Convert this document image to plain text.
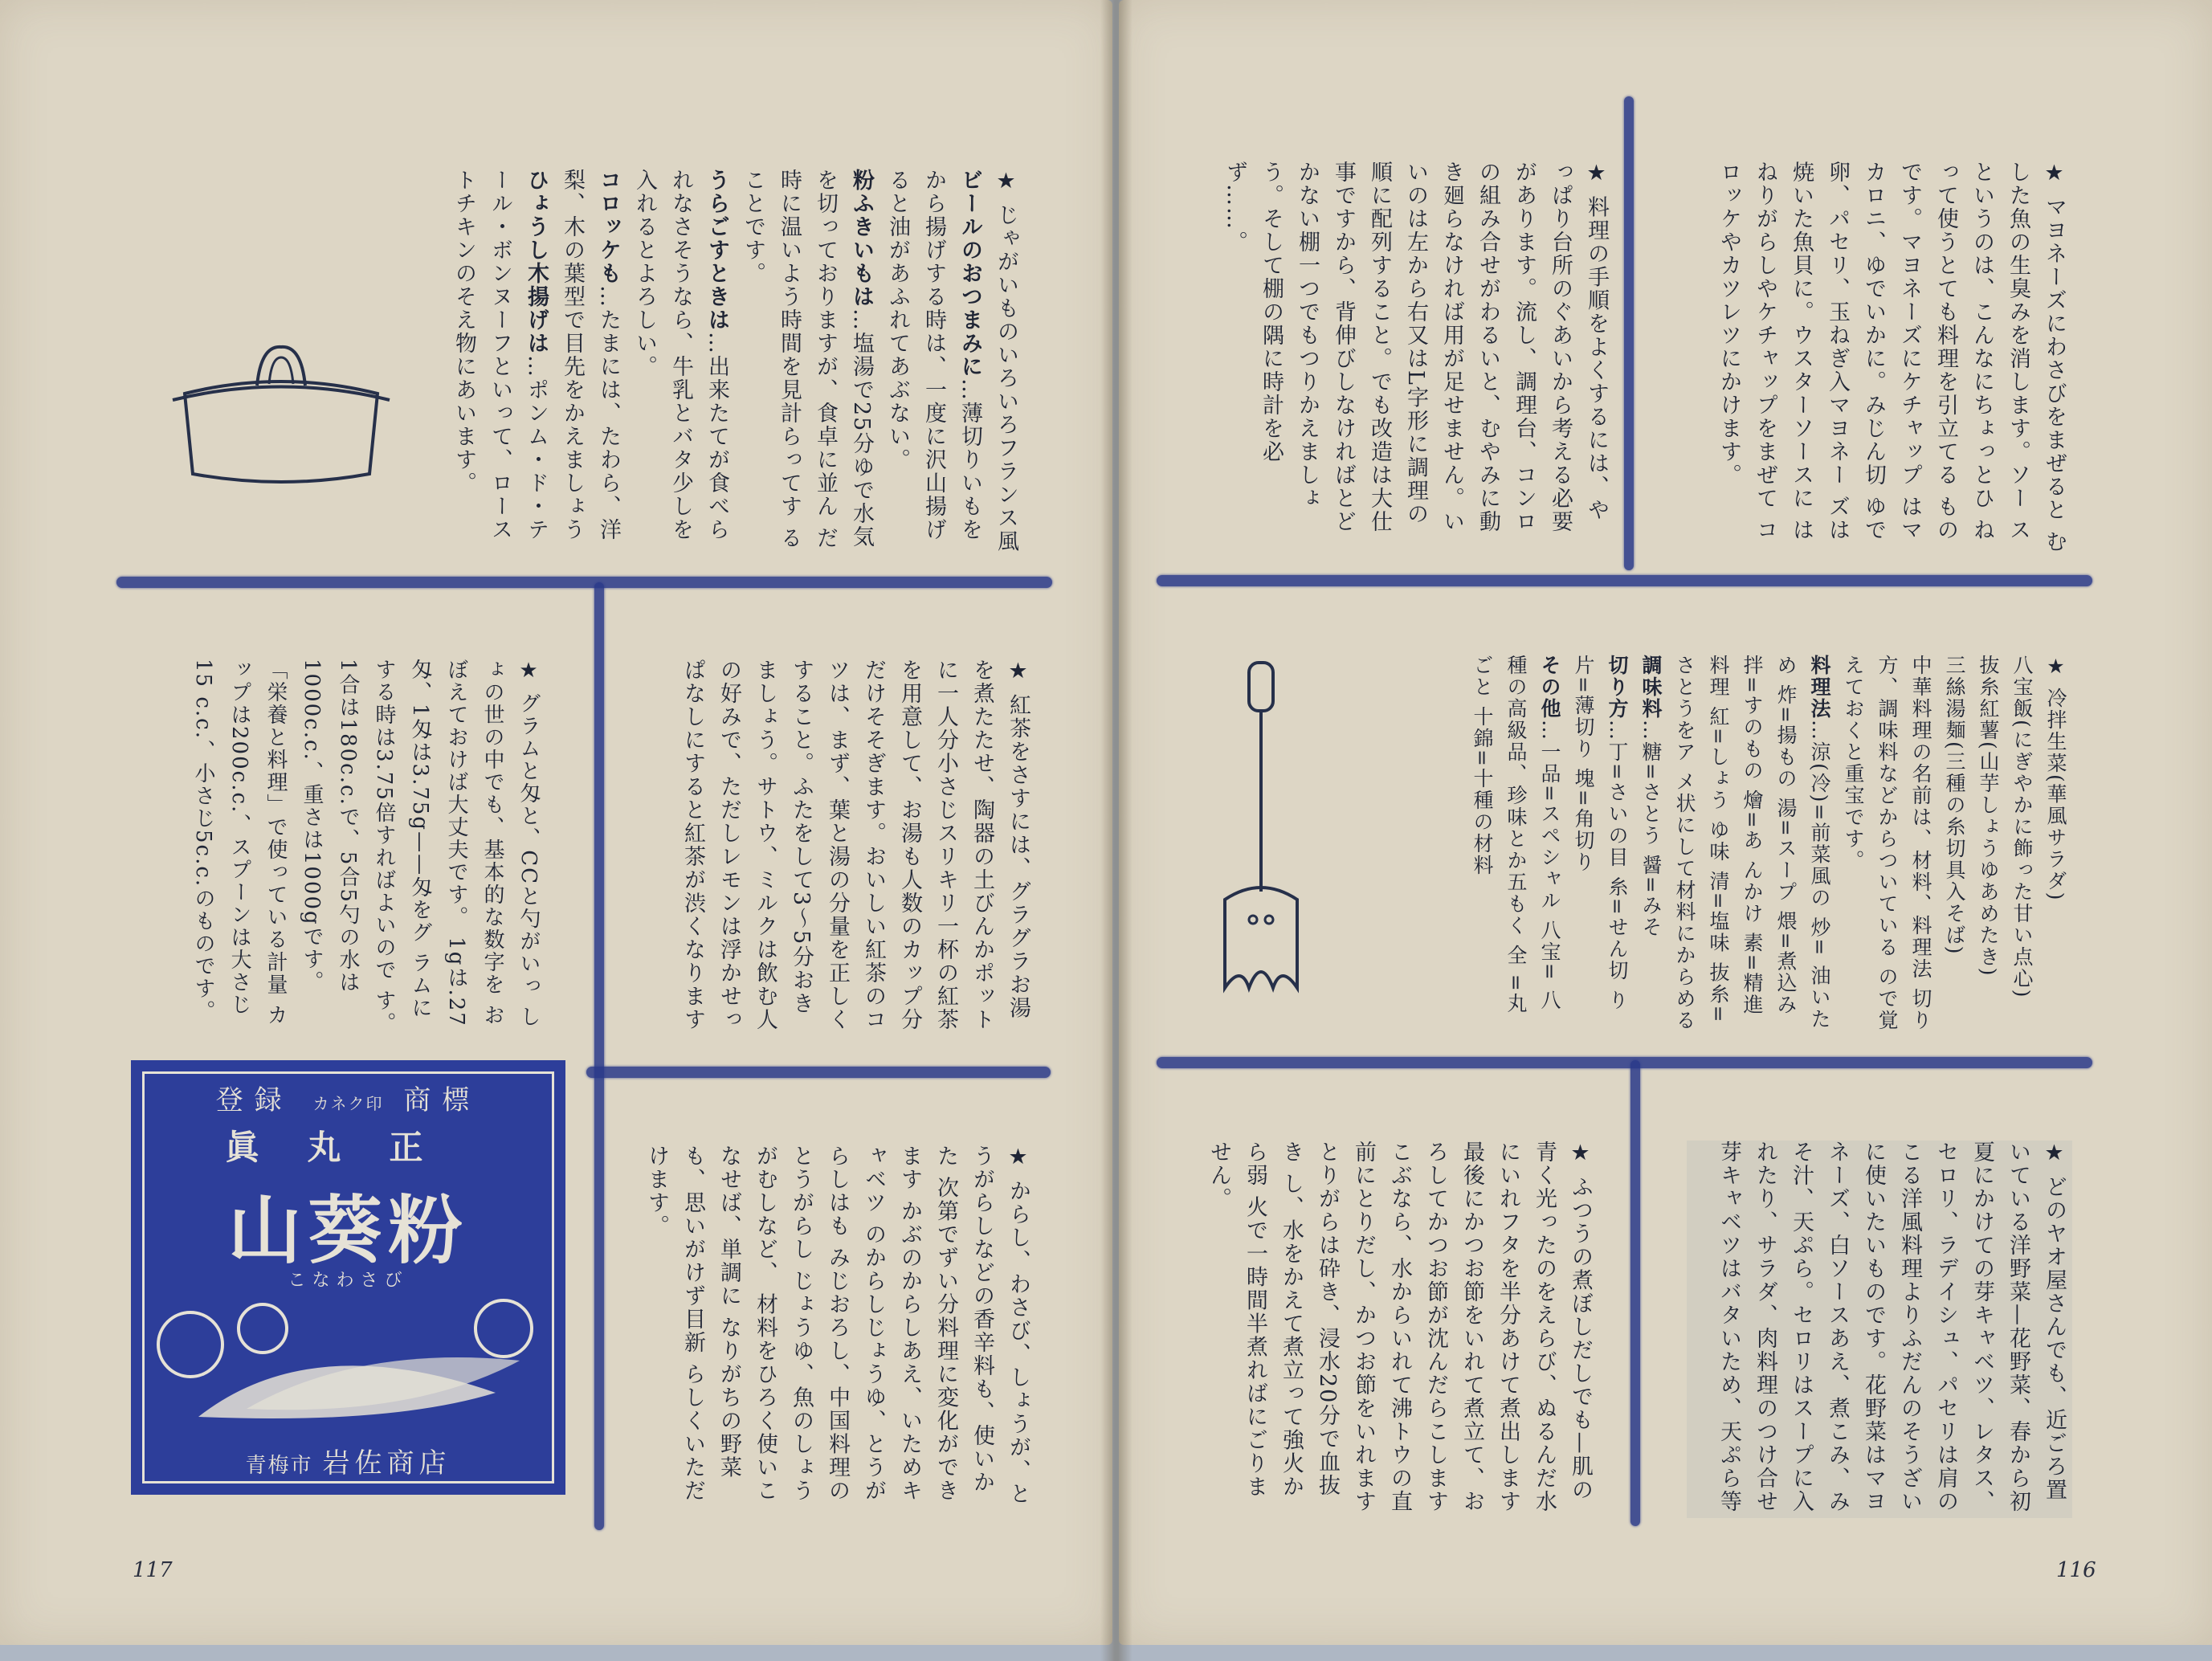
★ じゃがいものいろいろフランス風

ビールのおつまみに…薄切りいもを から揚げする時は、一度に沢山揚げ ると油があふれてあぶない。

粉ふきいもは…塩湯で25分ゆで水気 を切っておりますが、食卓に並ん だ時に温いよう時間を見計らってす ることです。

うらごすときは…出来たてが食べら れなさそうなら、牛乳とバタ少しを 入れるとよろしい。

コロッケも…たまには、たわら、洋 梨、木の葉型で目先をかえましょう

ひょうし木揚げは…ポンム・ド・テ ール・ボンヌーフといって、ロース トチキンのそえ物にあいます。

★ 紅茶をさすには、グラグラお湯 を煮たたせ、陶器の土びんかポット に一人分小さじスリキリ一杯の紅茶 を用意して、お湯も人数のカップ分 だけそそぎます。おいしい紅茶のコ ツは、まず、葉と湯の分量を正しく すること。ふたをして3〜5分おき ましょう。サトウ、ミルクは飲む人 の好みで、ただしレモンは浮かせっ ぱなしにすると紅茶が渋くなります

★ グラムと匁と、CCと勺がいっ しょの世の中でも、基本的な数字を おぼえておけば大丈夫です。 1gは.27匁、1匁は3.75g——匁をグ ラムにする時は3.75倍すればよいので す。1合は180c.c.で、5合5勺の水は 1000c.c.、重さは1000gです。 「栄養と料理」で使っている計量 カップは200c.c.、スプーンは大さじ15 c.c.、小さじ5c.c.のものです。

★ からし、わさび、しょうが、と うがらしなどの香辛料も、使いかた 次第でずい分料理に変化ができます かぶのからしあえ、いためキャベツ のからしじょうゆ、とうがらしはも みじおろし、中国料理のとうがらし じょうゆ、魚のしょうがむしなど、 材料をひろく使いこなせば、単調に なりがちの野菜も、思いがけず目新 らしくいただけます。

登録 カネク印 商標
眞丸正
山葵粉
こなわさび
青梅市 岩佐商店
117

★ マヨネーズにわさびをまぜると むした魚の生臭みを消します。ソー スというのは、こんなにちょっとひ ねって使うとても料理を引立てる ものです。マヨネーズにケチャップ はマカロニ、ゆでいかに。みじん切 ゆで卵、パセリ、玉ねぎ入マヨネー ズは焼いた魚貝に。ウスターソースに はねりがらしやケチャップをまぜて コロッケやカツレツにかけます。

★ 料理の手順をよくするには、や っぱり台所のぐあいから考える必要 があります。流し、調理台、コンロ の組み合せがわるいと、むやみに動 き廻らなければ用が足せません。い いのは左から右又はL字形に調理の 順に配列すること。でも改造は大仕 事ですから、背伸びしなければとど かない棚一つでもつりかえましょ う。そして棚の隅に時計を必ず……。

★ 冷拌生菜(華風サラダ)

八宝飯(にぎやかに飾った甘い点心)

抜糸紅薯(山芋しょうゆあめたき)

三絲湯麺(三種の糸切具入そば)

中華料理の名前は、材料、料理法 切り方、調味料などからついている ので覚えておくと重宝です。

料理法…涼(冷)=前菜風の 炒= 油いため 炸=揚もの 湯=スープ 煨=煮込み 拌=すのもの 燴=あ んかけ 素=精進料理 紅=しょう ゆ味 清=塩味 抜糸=さとうをア メ状にして材料にからめる

調味料…糖=さとう 醤=みそ

切り方…丁=さいの目 糸=せん切 り 片=薄切り 塊=角切り

その他…一品=スペシャル 八宝= 八種の高級品、珍味とか五もく 全 =丸ごと 十錦=十種の材料

★ どのヤオ屋さんでも、近ごろ置 いている洋野菜—花野菜、春から初 夏にかけての芽キャベツ、レタス、 セロリ、ラデイシュ、パセリは肩の こる洋風料理よりふだんのそうざい に使いたいものです。花野菜はマヨ ネーズ、白ソースあえ、煮こみ、み そ汁、天ぷら。セロリはスープに入 れたり、サラダ、肉料理のつけ合せ 芽キャベツはバタいため、天ぷら等

★ ふつうの煮ぼしだしでも—肌の 青く光ったのをえらび、ぬるんだ水 にいれフタを半分あけて煮出します 最後にかつお節をいれて煮立て、お ろしてかつお節が沈んだらこします こぶなら、水からいれて沸トウの直 前にとりだし、かつお節をいれます とりがらは砕き、浸水20分で血抜き し、水をかえて煮立って強火から弱 火で一時間半煮ればにごりません。

116
